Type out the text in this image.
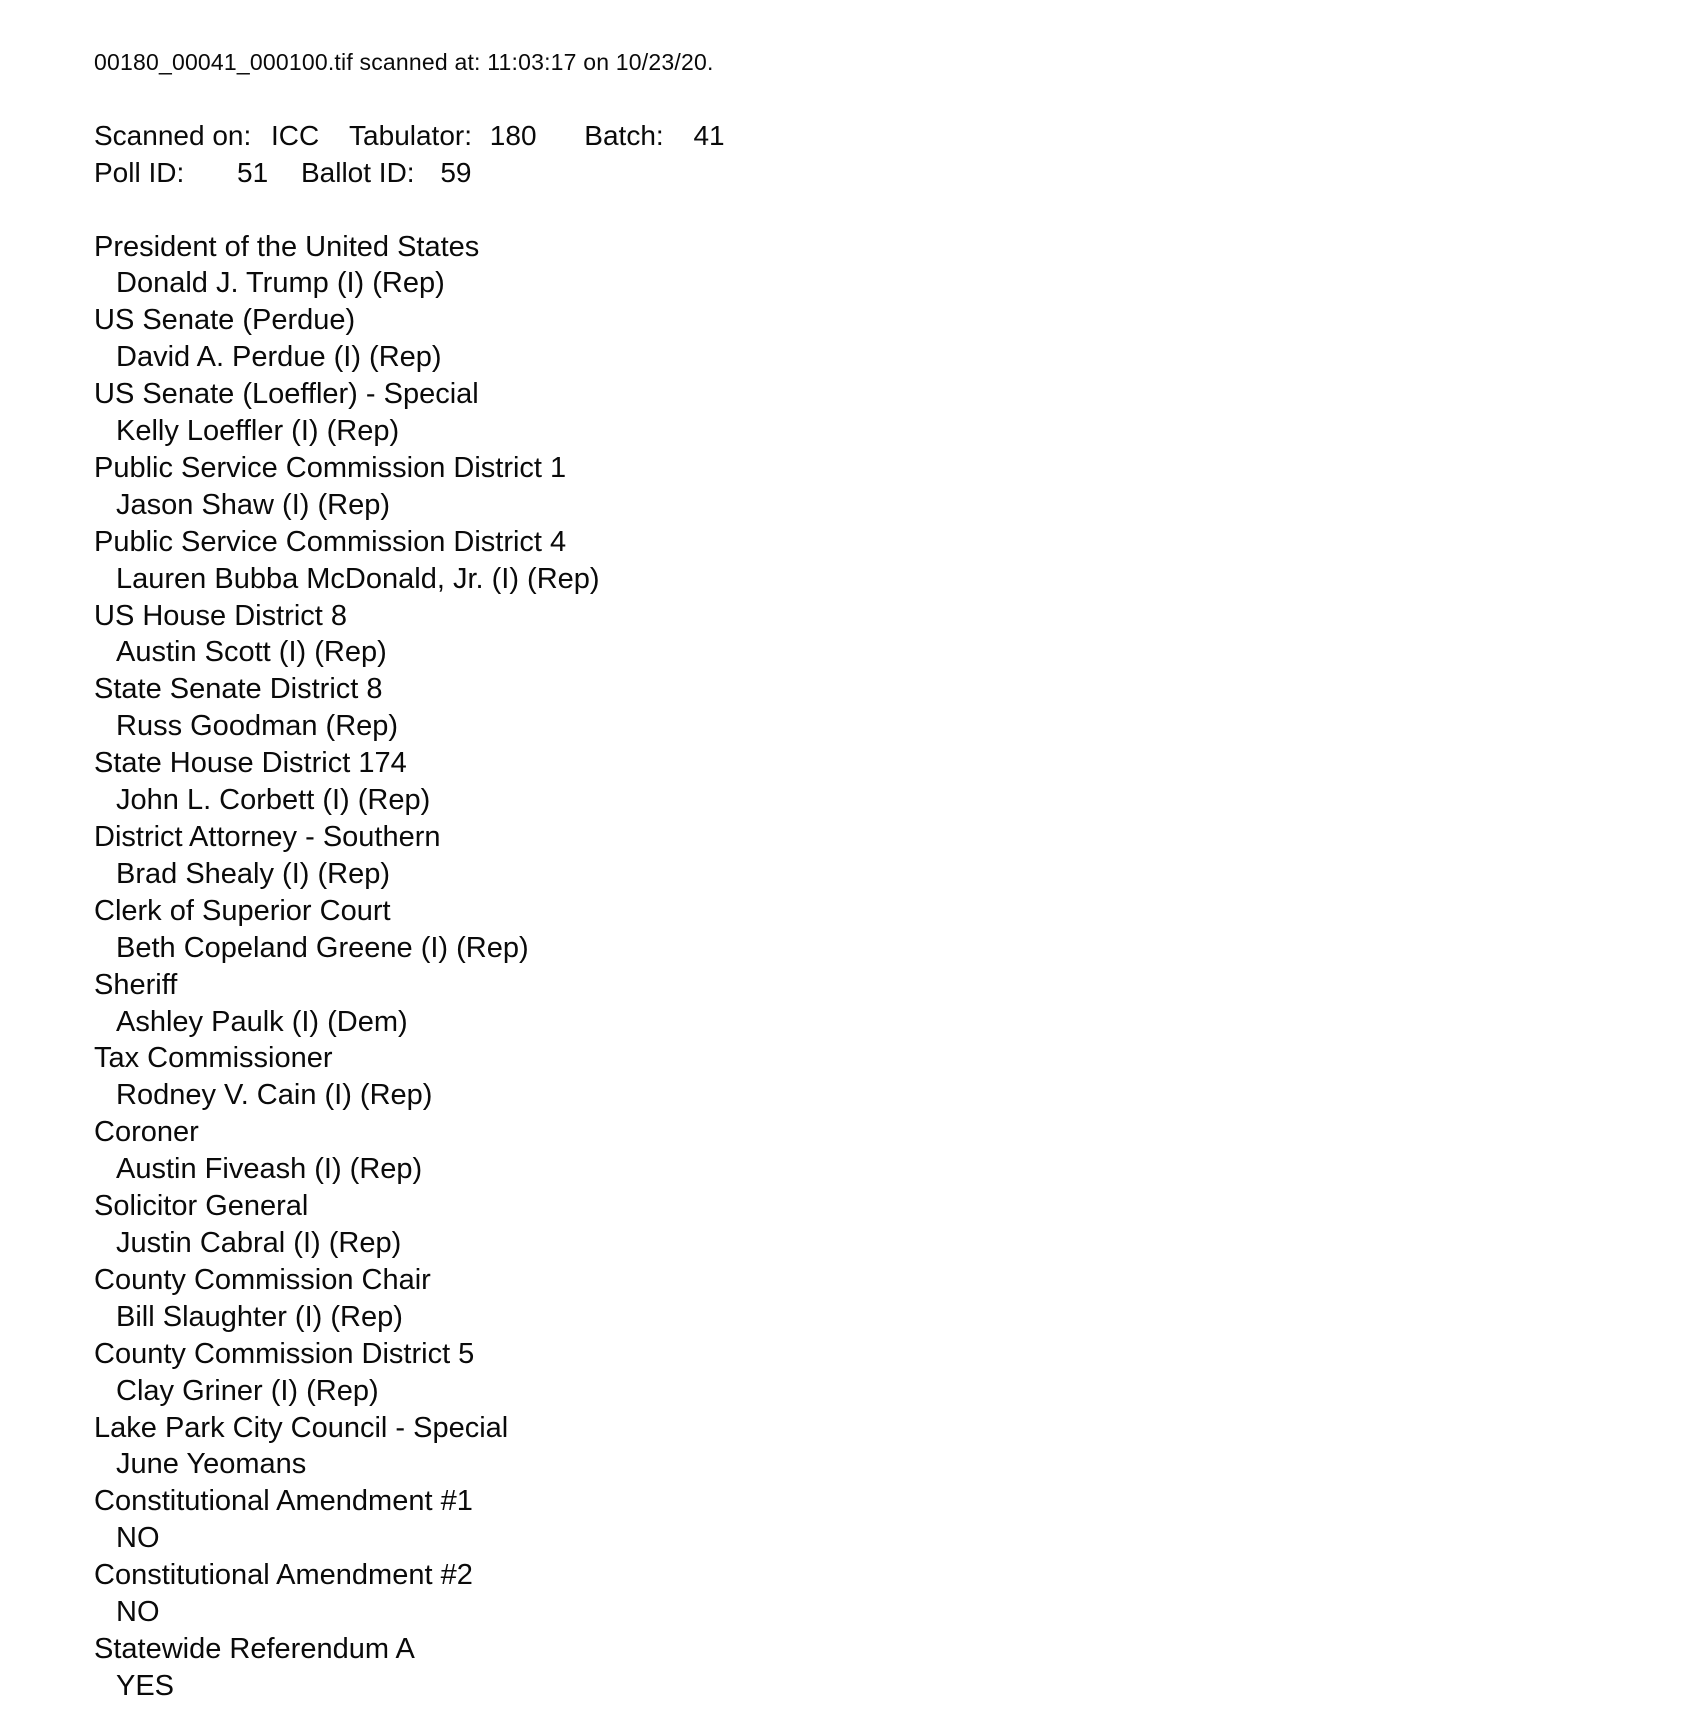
00180_00041_000100.tif scanned at: 11:03:17 on 10/23/20.
Scanned on: ICC Tabulator: 180 Batch: 41
Poll ID: 51 Ballot ID: 59
President of the United States
Donald J. Trump (I) (Rep)
US Senate (Perdue)
David A. Perdue (I) (Rep)
US Senate (Loeffler) - Special
Kelly Loeffler (I) (Rep)
Public Service Commission District 1
Jason Shaw (I) (Rep)
Public Service Commission District 4
Lauren Bubba McDonald, Jr. (I) (Rep)
US House District 8
Austin Scott (I) (Rep)
State Senate District 8
Russ Goodman (Rep)
State House District 174
John L. Corbett (I) (Rep)
District Attorney - Southern
Brad Shealy (I) (Rep)
Clerk of Superior Court
Beth Copeland Greene (I) (Rep)
Sheriff
Ashley Paulk (I) (Dem)
Tax Commissioner
Rodney V. Cain (I) (Rep)
Coroner
Austin Fiveash (I) (Rep)
Solicitor General
Justin Cabral (I) (Rep)
County Commission Chair
Bill Slaughter (I) (Rep)
County Commission District 5
Clay Griner (I) (Rep)
Lake Park City Council - Special
June Yeomans
Constitutional Amendment #1
NO
Constitutional Amendment #2
NO
Statewide Referendum A
YES
